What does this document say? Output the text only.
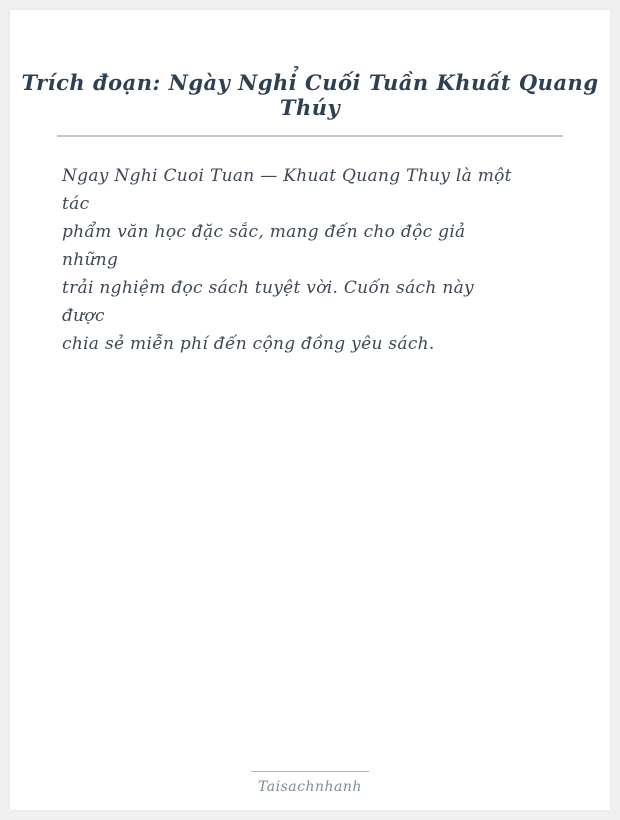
Trích đoạn: Ngày Nghỉ Cuối Tuần Khuất Quang Thúy
Ngay Nghi Cuoi Tuan — Khuat Quang Thuy là một
tác
phẩm văn học đặc sắc, mang đến cho độc giả
những
trải nghiệm đọc sách tuyệt vời. Cuốn sách này
được
chia sẻ miễn phí đến cộng đồng yêu sách.
Taisachnhanh
